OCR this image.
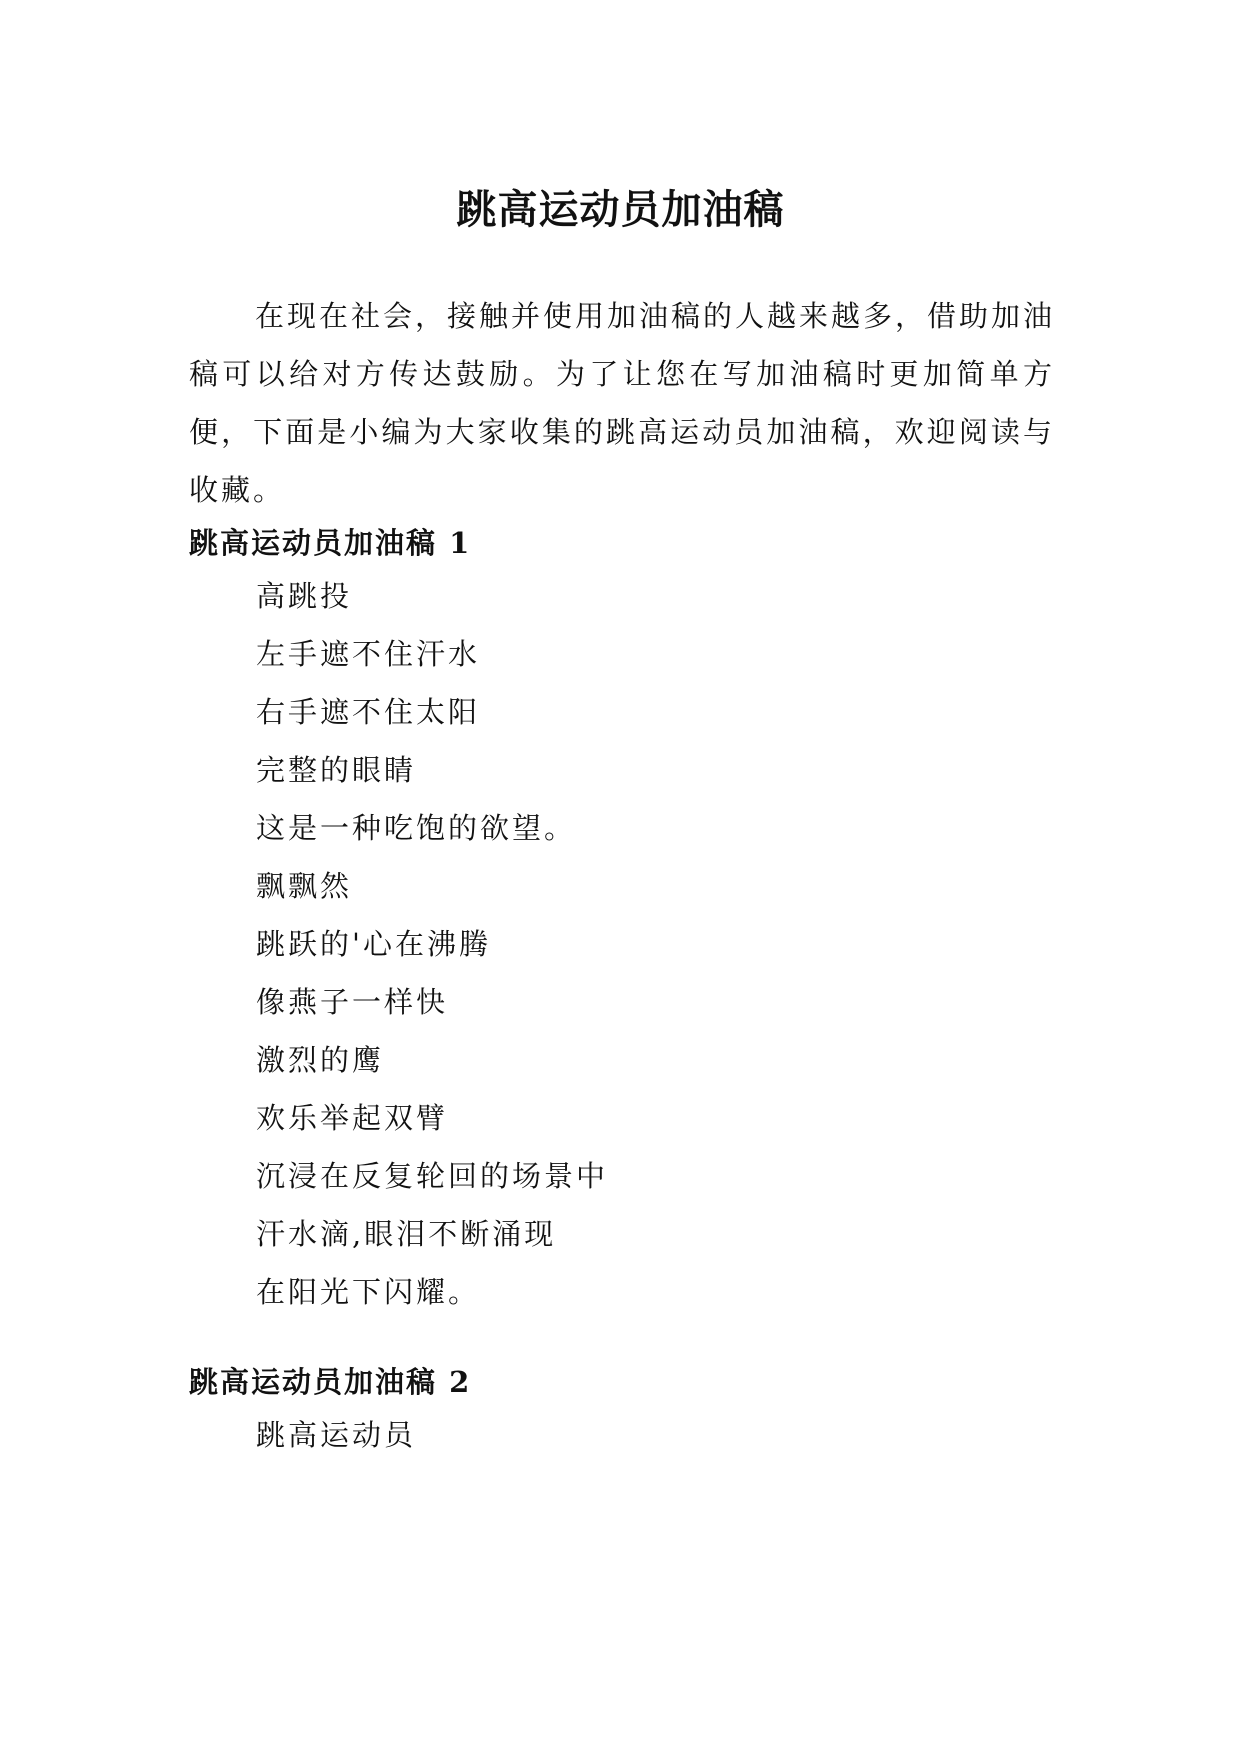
跳高运动员加油稿

在现在社会，接触并使用加油稿的人越来越多，借助加油稿可以给对方传达鼓励。为了让您在写加油稿时更加简单方便，下面是小编为大家收集的跳高运动员加油稿，欢迎阅读与收藏。

跳高运动员加油稿 1
高跳投
左手遮不住汗水
右手遮不住太阳
完整的眼睛
这是一种吃饱的欲望。
飘飘然
跳跃的'心在沸腾
像燕子一样快
激烈的鹰
欢乐举起双臂
沉浸在反复轮回的场景中
汗水滴,眼泪不断涌现
在阳光下闪耀。
跳高运动员加油稿 2
跳高运动员
